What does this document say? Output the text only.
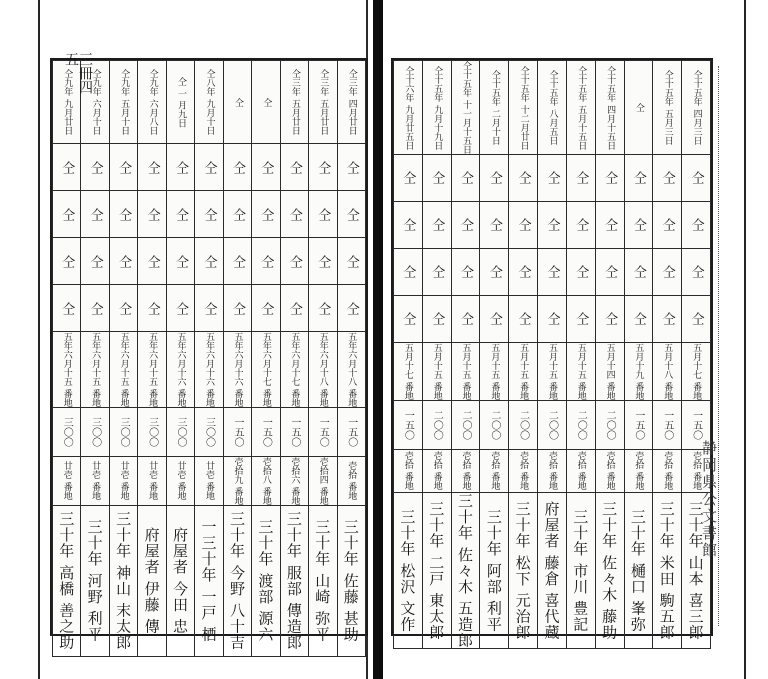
仝九年 九月廿日	仝九年 六月十日	仝九年 五月十日	仝九年 六月八日	仝 一 月九日	仝八年 九月十日	仝	仝	仝三年 五月廿日	仝三年 五月廿日	仝三年 四月廿日

仝	仝	仝	仝	仝	仝	仝	仝	仝	仝	仝

仝	仝	仝	仝	仝	仝	仝	仝	仝	仝	仝

仝	仝	仝	仝	仝	仝	仝	仝	仝	仝	仝

仝	仝	仝	仝	仝	仝	仝	仝	仝	仝	仝

五年六月十五 番地	五年六月十五 番地	五年六月十五 番地	五年六月十五 番地	五年六月十六 番地	五年六月十六 番地	五年六月十六 番地	五年六月十七 番地	五年六月十七 番地	五年六月十八 番地	五年六月十八 番地

三〇〇	三〇〇	三〇〇	三〇〇	三〇〇	三〇〇	一五〇	一五〇	一五〇	一五〇	一五〇

廿壱 番地	廿壱 番地	廿壱 番地	廿壱 番地	廿壱 番地	廿壱 番地	壱拾九 番地	壱拾八 番地	壱拾六 番地	壱拾四 番地	壱拾 番地

三十年 高橋 善之助	三十年 河野 利平	三十年 神山 末太郎	府屋者 伊藤 傳	府屋者 今田 忠	一三十年 一戸 栖	三十年 今野 八十吉	三十年 渡部 源六	三十年 服部 傳造郎	三十年 山崎 弥平	三十年 佐藤 甚助
三冊四五
仝十六年 九月廿五日	仝十五年 九月十九日	仝十五年 十一月十五日	仝十五年 二月十日	仝十五年 十二月廿日	仝十五年 八月五日	仝十五年 五月十五日	仝十五年 四月十五日	仝	仝十五年 五月三日	仝十五年 四月三日

仝	仝	仝	仝	仝	仝	仝	仝	仝	仝	仝

仝	仝	仝	仝	仝	仝	仝	仝	仝	仝	仝

仝	仝	仝	仝	仝	仝	仝	仝	仝	仝	仝

仝	仝	仝	仝	仝	仝	仝	仝	仝	仝	仝

五月十七 番地	五月十五 番地	五月十五 番地	五月十五 番地	五月十五 番地	五月十五 番地	五月十五 番地	五月十四 番地	五月十九 番地	五月十八 番地	五月十七 番地

一五〇	二〇〇	二〇〇	二〇〇	二〇〇	二〇〇	二〇〇	二〇〇	一五〇	一五〇	一五〇

壱拾 番地	壱拾 番地	壱拾 番地	壱拾 番地	壱拾 番地	壱拾 番地	壱拾 番地	壱拾 番地	壱拾 番地	壱拾 番地	壱拾 番地

三十年 松沢 文作	三十年 二戸 東太郎	三十年 佐々木 五造郎	三十年 阿部 利平	三十年 松下 元治郎	府屋者 藤倉 喜代蔵	三十年 市川 豊記	三十年 佐々木 藤助	三十年 樋口 峯弥	三十年 米田 駒五郎	三十年 山本 喜三郎
静岡県公文書館
